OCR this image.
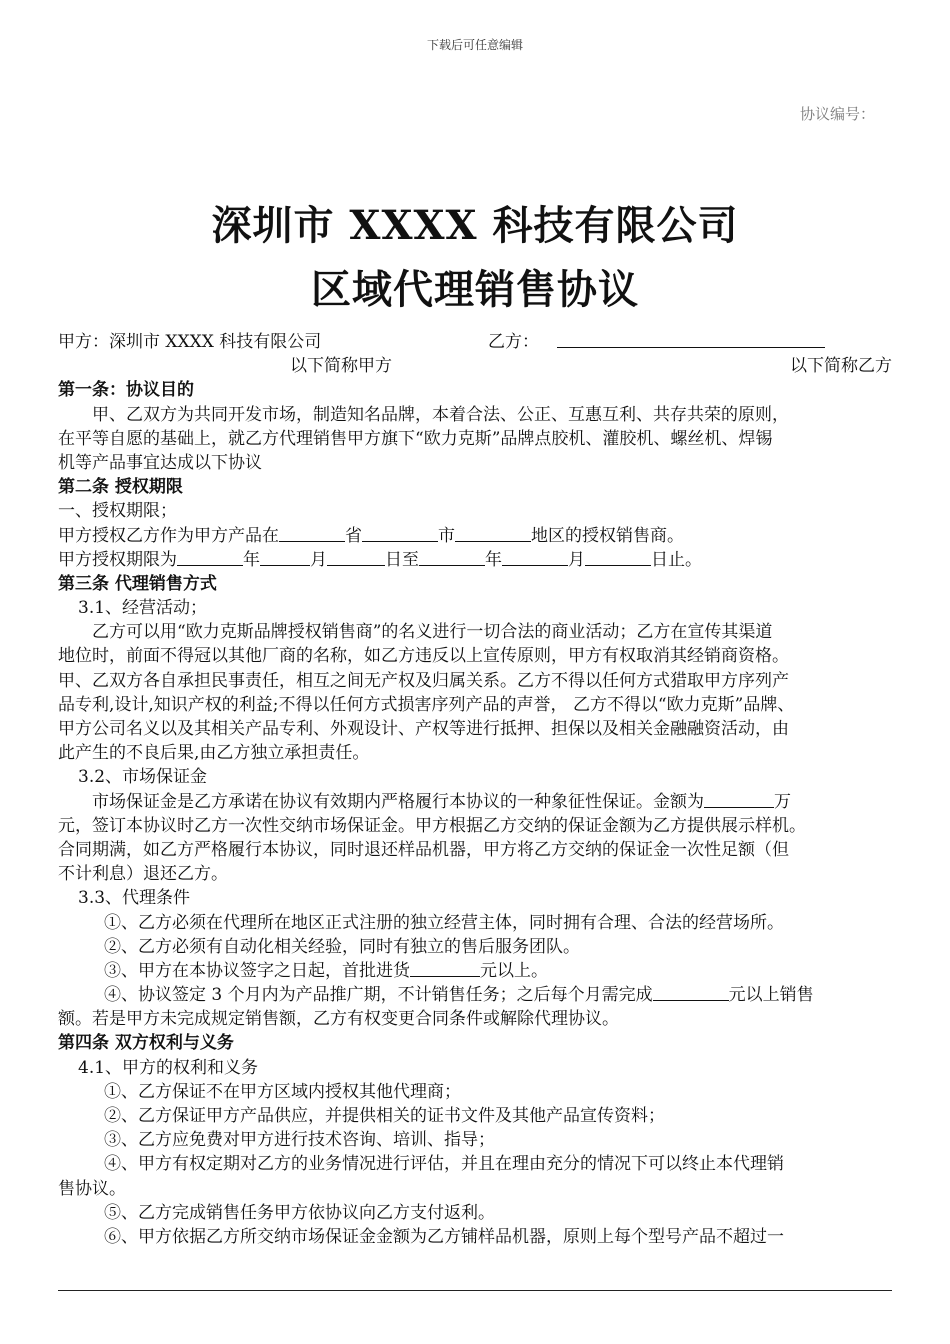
下载后可任意编辑
协议编号：
深圳市 XXXX 科技有限公司
区域代理销售协议
甲方：深圳市 XXXX 科技有限公司	乙方：
以下简称甲方	以下简称乙方
第一条：协议目的
甲、乙双方为共同开发市场，制造知名品牌，本着合法、公正、互惠互利、共存共荣的原则，
在平等自愿的基础上，就乙方代理销售甲方旗下“欧力克斯”品牌点胶机、灌胶机、螺丝机、焊锡
机等产品事宜达成以下协议
第二条 授权期限
一、授权期限；
甲方授权乙方作为甲方产品在	省	市	地区的授权销售商。
甲方授权期限为	年	月	日至	年	月	日止。
第三条 代理销售方式
3.1、经营活动；
乙方可以用“欧力克斯品牌授权销售商”的名义进行一切合法的商业活动；乙方在宣传其渠道
地位时，前面不得冠以其他厂商的名称，如乙方违反以上宣传原则，甲方有权取消其经销商资格。
甲、乙双方各自承担民事责任，相互之间无产权及归属关系。乙方不得以任何方式猎取甲方序列产
品专利,设计,知识产权的利益;不得以任何方式损害序列产品的声誉， 乙方不得以“欧力克斯”品牌、
甲方公司名义以及其相关产品专利、外观设计、产权等进行抵押、担保以及相关金融融资活动，由
此产生的不良后果,由乙方独立承担责任。
3.2、市场保证金
市场保证金是乙方承诺在协议有效期内严格履行本协议的一种象征性保证。金额为	万
元，签订本协议时乙方一次性交纳市场保证金。甲方根据乙方交纳的保证金额为乙方提供展示样机。
合同期满，如乙方严格履行本协议，同时退还样品机器，甲方将乙方交纳的保证金一次性足额（但
不计利息）退还乙方。
3.3、代理条件
①、乙方必须在代理所在地区正式注册的独立经营主体，同时拥有合理、合法的经营场所。
②、乙方必须有自动化相关经验，同时有独立的售后服务团队。
③、甲方在本协议签字之日起，首批进货	元以上。
④、协议签定 3 个月内为产品推广期，不计销售任务；之后每个月需完成	元以上销售
额。若是甲方未完成规定销售额，乙方有权变更合同条件或解除代理协议。
第四条 双方权利与义务
4.1、甲方的权利和义务
①、乙方保证不在甲方区域内授权其他代理商；
②、乙方保证甲方产品供应，并提供相关的证书文件及其他产品宣传资料；
③、乙方应免费对甲方进行技术咨询、培训、指导；
④、甲方有权定期对乙方的业务情况进行评估，并且在理由充分的情况下可以终止本代理销
售协议。
⑤、乙方完成销售任务甲方依协议向乙方支付返利。
⑥、甲方依据乙方所交纳市场保证金金额为乙方铺样品机器，原则上每个型号产品不超过一
